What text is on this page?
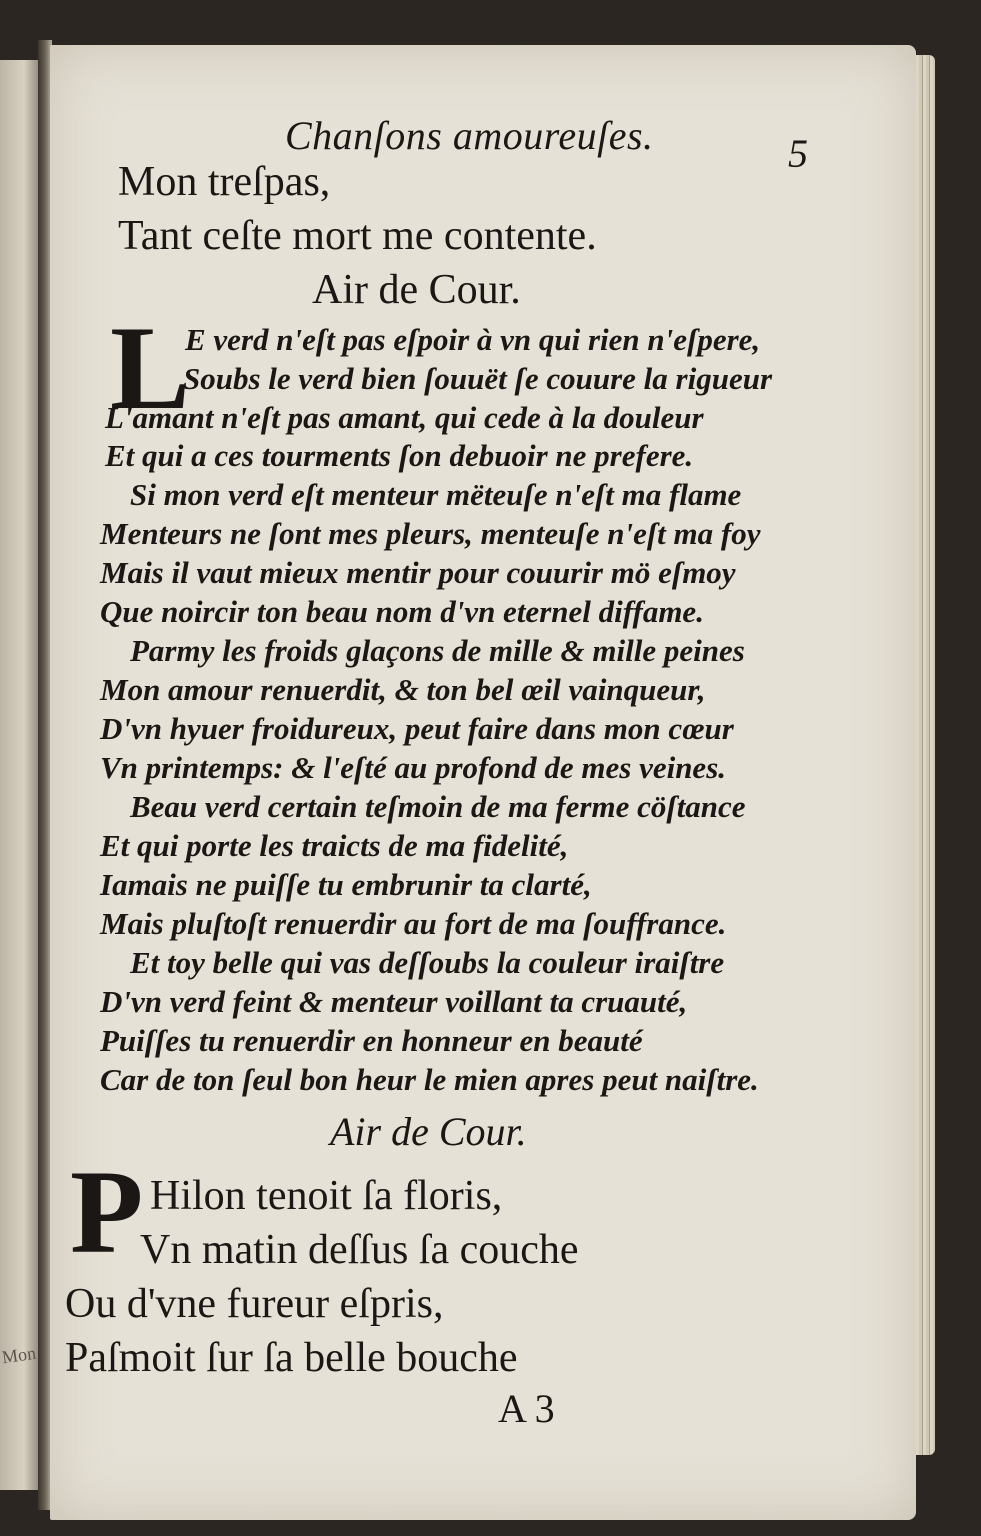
Mon
Chanſons amoureuſes.	5
Mon treſpas,
Tant ceſte mort me contente.
Air de Cour.
L
E verd n'eſt pas eſpoir à vn qui rien n'eſpere,
Soubs le verd bien ſouuët ſe couure la rigueur
L'amant n'eſt pas amant, qui cede à la douleur
Et qui a ces tourments ſon debuoir ne prefere.
Si mon verd eſt menteur mëteuſe n'eſt ma flame
Menteurs ne ſont mes pleurs, menteuſe n'eſt ma foy
Mais il vaut mieux mentir pour couurir mö eſmoy
Que noircir ton beau nom d'vn eternel diffame.
Parmy les froids glaçons de mille & mille peines
Mon amour renuerdit, & ton bel œil vainqueur,
D'vn hyuer froidureux, peut faire dans mon cœur
Vn printemps: & l'eſté au profond de mes veines.
Beau verd certain teſmoin de ma ferme cöſtance
Et qui porte les traicts de ma fidelité,
Iamais ne puiſſe tu embrunir ta clarté,
Mais pluſtoſt renuerdir au fort de ma ſouffrance.
Et toy belle qui vas deſſoubs la couleur iraiſtre
D'vn verd feint & menteur voillant ta cruauté,
Puiſſes tu renuerdir en honneur en beauté
Car de ton ſeul bon heur le mien apres peut naiſtre.
Air de Cour.
P Hilon tenoit ſa floris,
Vn matin deſſus ſa couche
Ou d'vne fureur eſpris,
Paſmoit ſur ſa belle bouche
A 3
